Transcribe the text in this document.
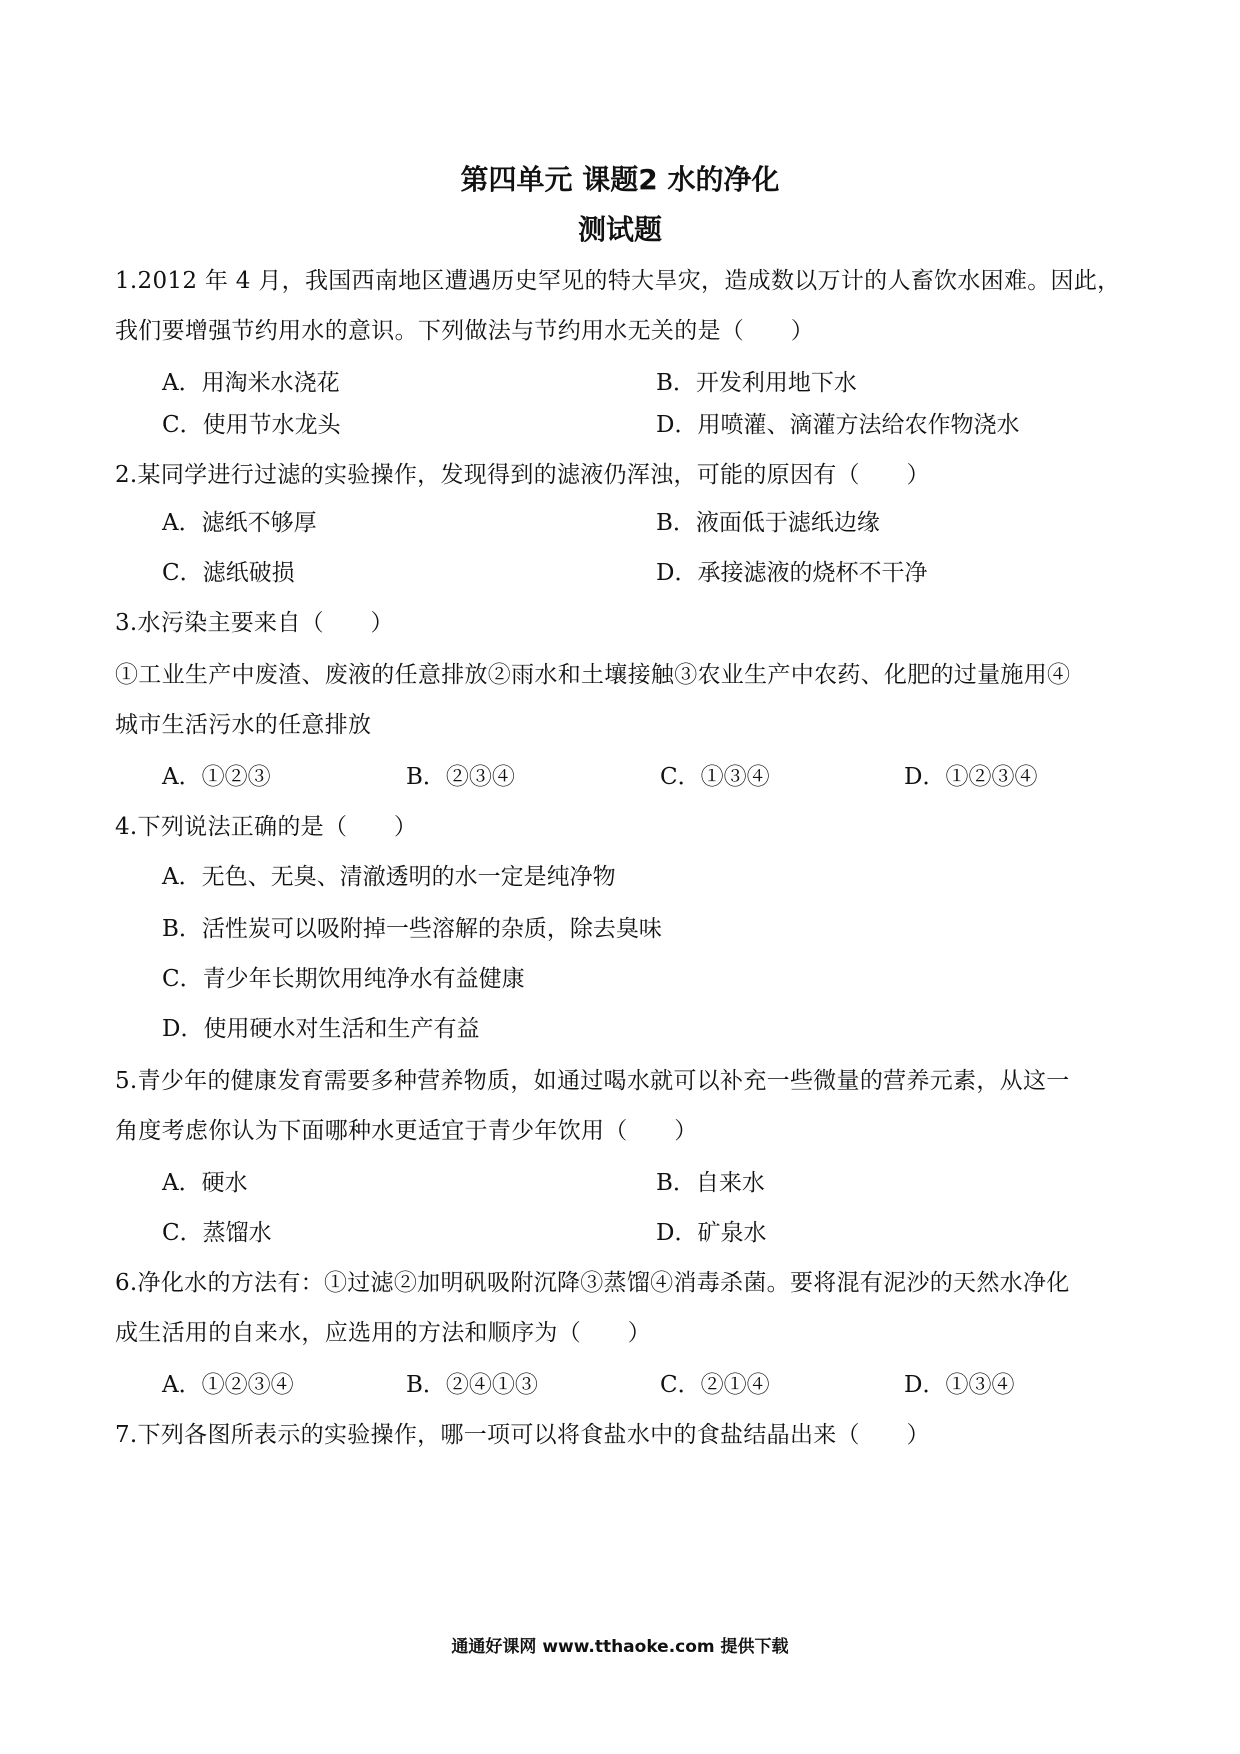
第四单元 课题2 水的净化
测试题
1.2012 年 4 月，我国西南地区遭遇历史罕见的特大旱灾，造成数以万计的人畜饮水困难。因此，
我们要增强节约用水的意识。下列做法与节约用水无关的是（　　）
A．用淘米水浇花	B．开发利用地下水
C．使用节水龙头	D．用喷灌、滴灌方法给农作物浇水
2.某同学进行过滤的实验操作，发现得到的滤液仍浑浊，可能的原因有（　　）
A．滤纸不够厚	B．液面低于滤纸边缘
C．滤纸破损	D．承接滤液的烧杯不干净
3.水污染主要来自（　　）
①工业生产中废渣、废液的任意排放②雨水和土壤接触③农业生产中农药、化肥的过量施用④
城市生活污水的任意排放
A．①②③	B．②③④	C．①③④	D．①②③④
4.下列说法正确的是（　　）
A．无色、无臭、清澈透明的水一定是纯净物
B．活性炭可以吸附掉一些溶解的杂质，除去臭味
C．青少年长期饮用纯净水有益健康
D．使用硬水对生活和生产有益
5.青少年的健康发育需要多种营养物质，如通过喝水就可以补充一些微量的营养元素，从这一
角度考虑你认为下面哪种水更适宜于青少年饮用（　　）
A．硬水	B．自来水
C．蒸馏水	D．矿泉水
6.净化水的方法有：①过滤②加明矾吸附沉降③蒸馏④消毒杀菌。要将混有泥沙的天然水净化
成生活用的自来水，应选用的方法和顺序为（　　）
A．①②③④	B．②④①③	C．②①④	D．①③④
7.下列各图所表示的实验操作，哪一项可以将食盐水中的食盐结晶出来（　　）
通通好课网 www.tthaoke.com 提供下载
